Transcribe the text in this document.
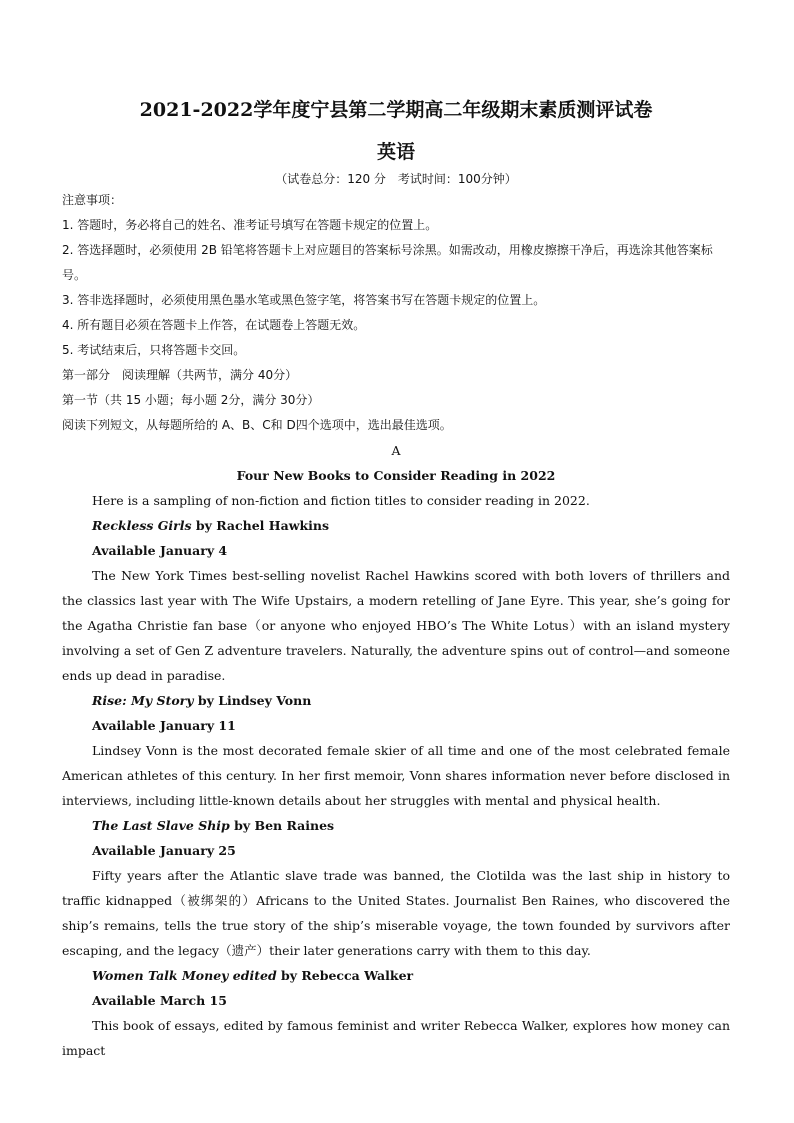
2021-2022学年度宁县第二学期高二年级期末素质测评试卷
英语
（试卷总分：120 分　考试时间：100分钟）
注意事项：
1. 答题时，务必将自己的姓名、准考证号填写在答题卡规定的位置上。
2. 答选择题时，必须使用 2B 铅笔将答题卡上对应题目的答案标号涂黑。如需改动，用橡皮擦擦干净后，再选涂其他答案标号。
3. 答非选择题时，必须使用黑色墨水笔或黑色签字笔，将答案书写在答题卡规定的位置上。
4. 所有题目必须在答题卡上作答，在试题卷上答题无效。
5. 考试结束后，只将答题卡交回。
第一部分　阅读理解（共两节，满分 40分）
第一节（共 15 小题；每小题 2分，满分 30分）
阅读下列短文，从每题所给的 A、B、C和 D四个选项中，选出最佳选项。
A
Four New Books to Consider Reading in 2022

Here is a sampling of non-fiction and fiction titles to consider reading in 2022.

Reckless Girls by Rachel Hawkins
Available January 4

The New York Times best-selling novelist Rachel Hawkins scored with both lovers of thrillers and the classics last year with The Wife Upstairs, a modern retelling of Jane Eyre. This year, she’s going for the Agatha Christie fan base（or anyone who enjoyed HBO’s The White Lotus）with an island mystery involving a set of Gen Z adventure travelers. Naturally, the adventure spins out of control—and someone ends up dead in paradise.

Rise: My Story by Lindsey Vonn
Available January 11

Lindsey Vonn is the most decorated female skier of all time and one of the most celebrated female American athletes of this century. In her first memoir, Vonn shares information never before disclosed in interviews, including little-known details about her struggles with mental and physical health.

The Last Slave Ship by Ben Raines
Available January 25

Fifty years after the Atlantic slave trade was banned, the Clotilda was the last ship in history to traffic kidnapped（被绑架的）Africans to the United States. Journalist Ben Raines, who discovered the ship’s remains, tells the true story of the ship’s miserable voyage, the town founded by survivors after escaping, and the legacy（遗产）their later generations carry with them to this day.

Women Talk Money edited by Rebecca Walker
Available March 15

This book of essays, edited by famous feminist and writer Rebecca Walker, explores how money can impact
